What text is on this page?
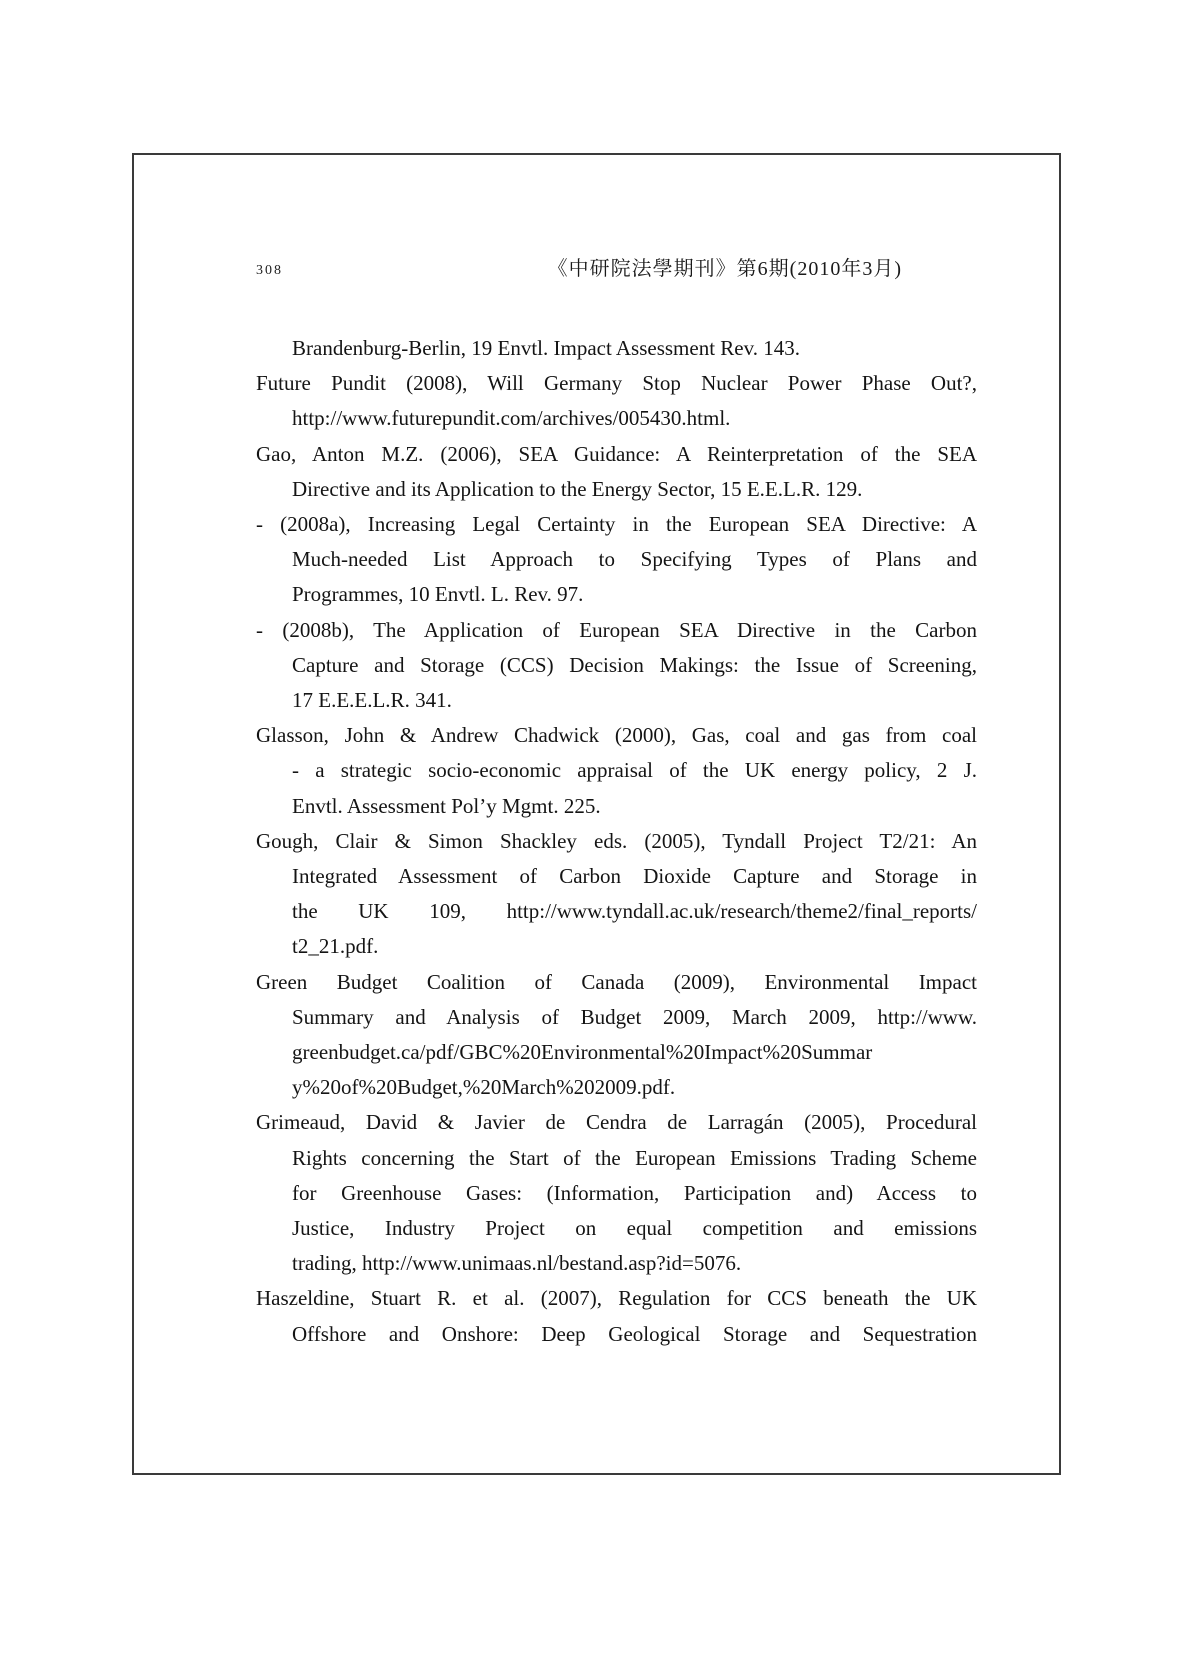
308	《中研院法學期刊》第6期(2010年3月)
Brandenburg-Berlin, 19 Envtl. Impact Assessment Rev. 143.
Future Pundit (2008), Will Germany Stop Nuclear Power Phase Out?,
http://www.futurepundit.com/archives/005430.html.
Gao, Anton M.Z. (2006), SEA Guidance: A Reinterpretation of the SEA
Directive and its Application to the Energy Sector, 15 E.E.L.R. 129.
- (2008a), Increasing Legal Certainty in the European SEA Directive: A
Much-needed List Approach to Specifying Types of Plans and
Programmes, 10 Envtl. L. Rev. 97.
- (2008b), The Application of European SEA Directive in the Carbon
Capture and Storage (CCS) Decision Makings: the Issue of Screening,
17 E.E.E.L.R. 341.
Glasson, John & Andrew Chadwick (2000), Gas, coal and gas from coal
- a strategic socio-economic appraisal of the UK energy policy, 2 J.
Envtl. Assessment Pol’y Mgmt. 225.
Gough, Clair & Simon Shackley eds. (2005), Tyndall Project T2/21: An
Integrated Assessment of Carbon Dioxide Capture and Storage in
the UK 109, http://www.tyndall.ac.uk/research/theme2/final_reports/
t2_21.pdf.
Green Budget Coalition of Canada (2009), Environmental Impact
Summary and Analysis of Budget 2009, March 2009, http://www.
greenbudget.ca/pdf/GBC%20Environmental%20Impact%20Summar
y%20of%20Budget,%20March%202009.pdf.
Grimeaud, David & Javier de Cendra de Larragán (2005), Procedural
Rights concerning the Start of the European Emissions Trading Scheme
for Greenhouse Gases: (Information, Participation and) Access to
Justice, Industry Project on equal competition and emissions
trading, http://www.unimaas.nl/bestand.asp?id=5076.
Haszeldine, Stuart R. et al. (2007), Regulation for CCS beneath the UK
Offshore and Onshore: Deep Geological Storage and Sequestration
